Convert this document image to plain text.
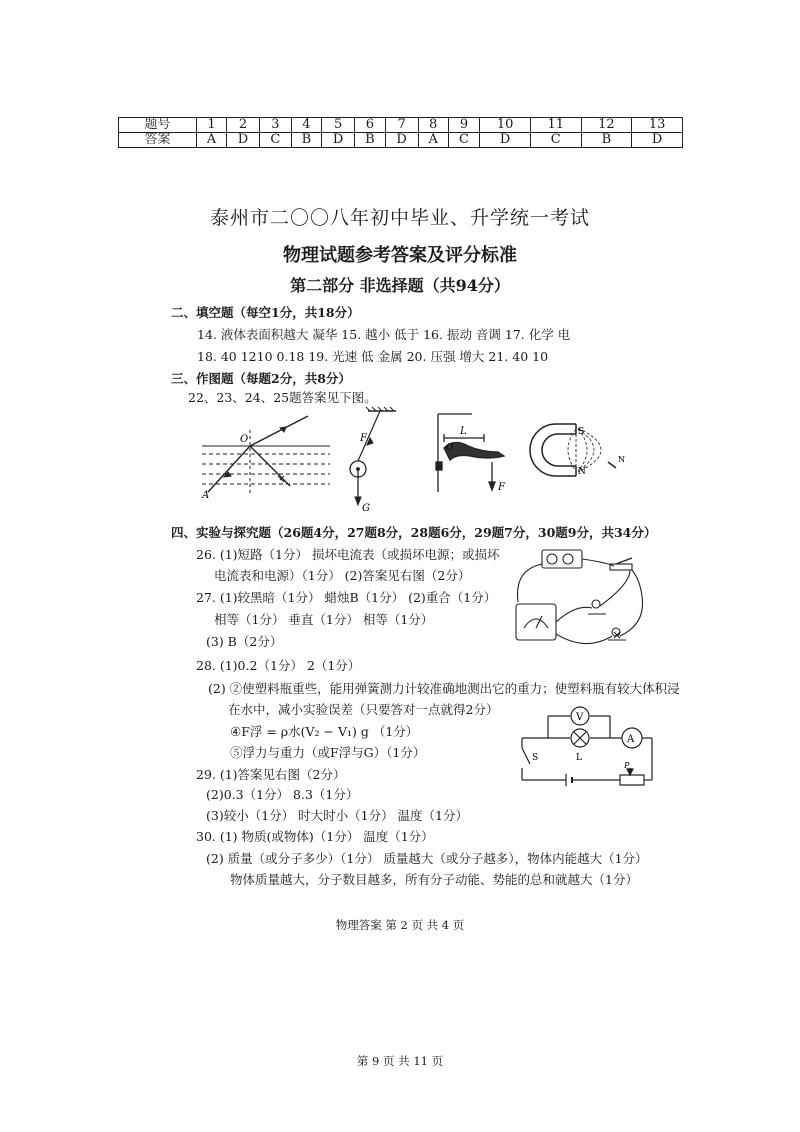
题号	1	2	3	4	5	6	7	8	9	10	11	12	13
答案	A	D	C	B	D	B	D	A	C	D	C	B	D
泰州市二〇〇八年初中毕业、升学统一考试
物理试题参考答案及评分标准
第二部分 非选择题（共94分）
二、填空题（每空1分，共18分）
14. 液体表面积越大 凝华 15. 越小 低于 16. 振动 音调 17. 化学 电
18. 40 1210 0.18 19. 光速 低 金属 20. 压强 增大 21. 40 10
三、作图题（每题2分，共8分）
22、23、24、25题答案见下图。
O
A
F
G
L
O
F
S
N
N
四、实验与探究题（26题4分，27题8分，28题6分，29题7分，30题9分，共34分）
26. (1)短路（1分） 损坏电流表（或损坏电源；或损坏
电流表和电源）（1分） (2)答案见右图（2分）
27. (1)较黑暗（1分） 蜡烛B（1分） (2)重合（1分）
相等（1分） 垂直（1分） 相等（1分）
(3) B（2分）
28. (1)0.2（1分） 2（1分）
(2) ②使塑料瓶重些，能用弹簧测力计较准确地测出它的重力；使塑料瓶有较大体积浸
在水中，减小实验误差（只要答对一点就得2分）
④F浮 = ρ水(V₂ − V₁) g （1分）
⑤浮力与重力（或F浮与G）（1分）
V
A
L
S
P
29. (1)答案见右图（2分）
(2)0.3（1分） 8.3（1分）
(3)较小（1分） 时大时小（1分） 温度（1分）
30. (1) 物质(或物体)（1分） 温度（1分）
(2) 质量（或分子多少）（1分） 质量越大（或分子越多），物体内能越大（1分）
物体质量越大，分子数目越多，所有分子动能、势能的总和就越大（1分）
物理答案 第 2 页 共 4 页
第 9 页 共 11 页
